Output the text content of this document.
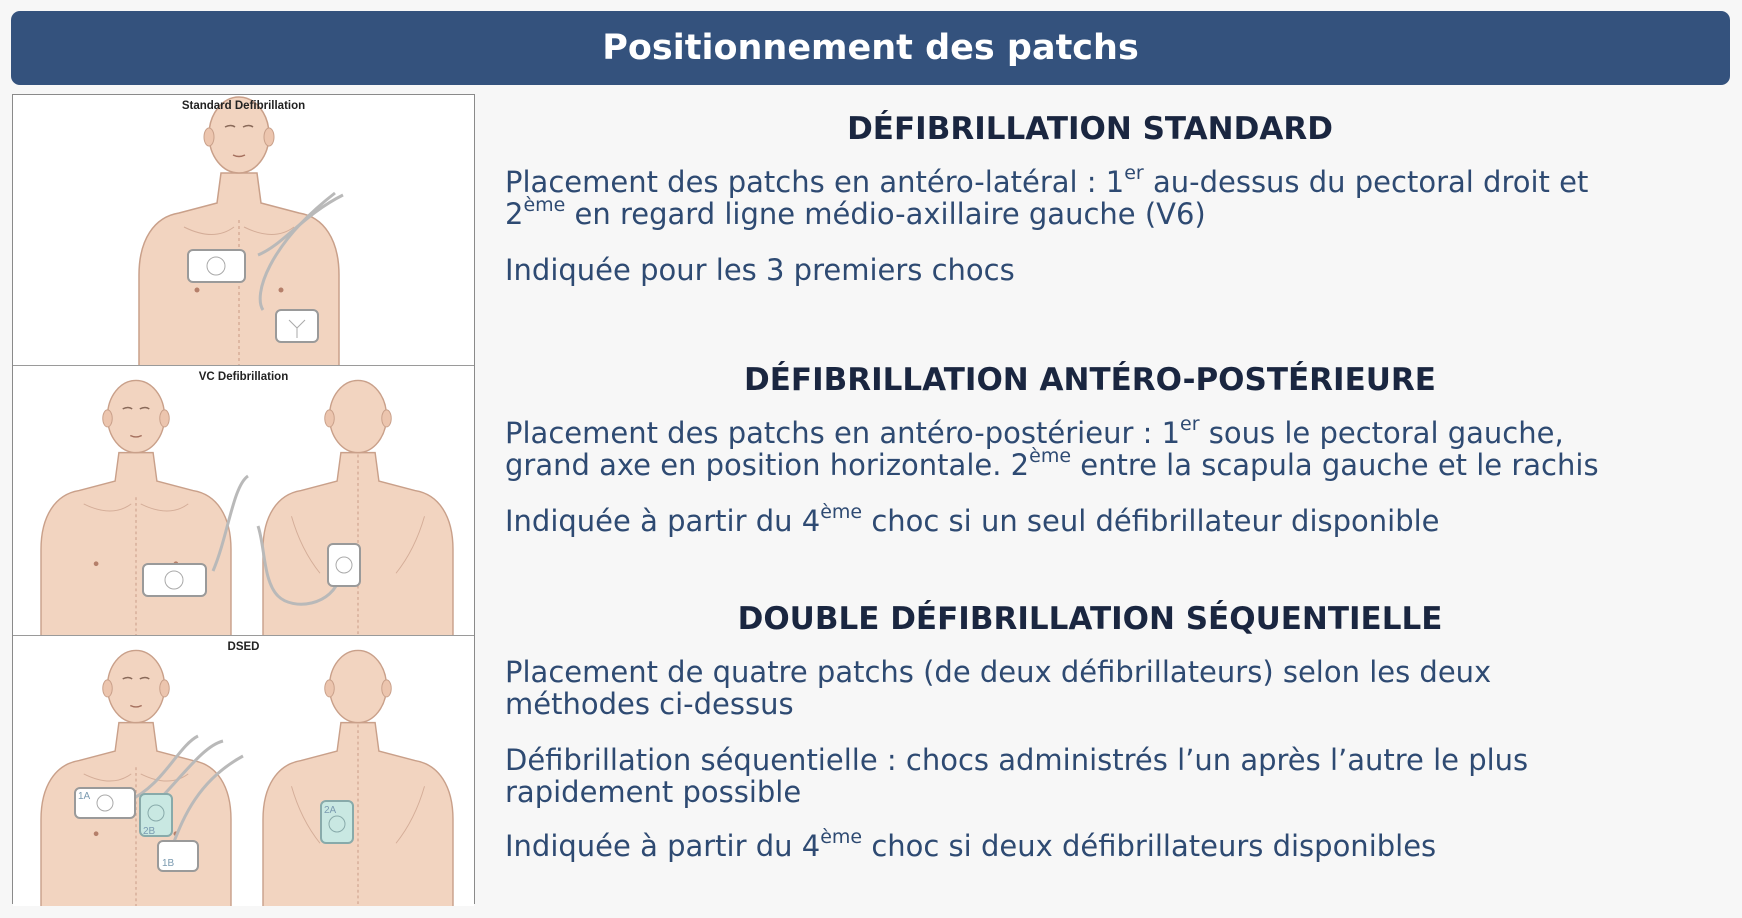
Positionnement des patchs
Standard Defibrillation
VC Defibrillation
1A
2B
1B
2A
DSED
DÉFIBRILLATION STANDARD
Placement des patchs en antéro-latéral : 1er au-dessus du pectoral droit et
2ème en regard ligne médio-axillaire gauche (V6)
Indiquée pour les 3 premiers chocs
DÉFIBRILLATION ANTÉRO-POSTÉRIEURE
Placement des patchs en antéro-postérieur : 1er sous le pectoral gauche,
grand axe en position horizontale. 2ème entre la scapula gauche et le rachis
Indiquée à partir du 4ème choc si un seul défibrillateur disponible
DOUBLE DÉFIBRILLATION SÉQUENTIELLE
Placement de quatre patchs (de deux défibrillateurs) selon les deux
méthodes ci-dessus
Défibrillation séquentielle : chocs administrés l’un après l’autre le plus
rapidement possible
Indiquée à partir du 4ème choc si deux défibrillateurs disponibles
